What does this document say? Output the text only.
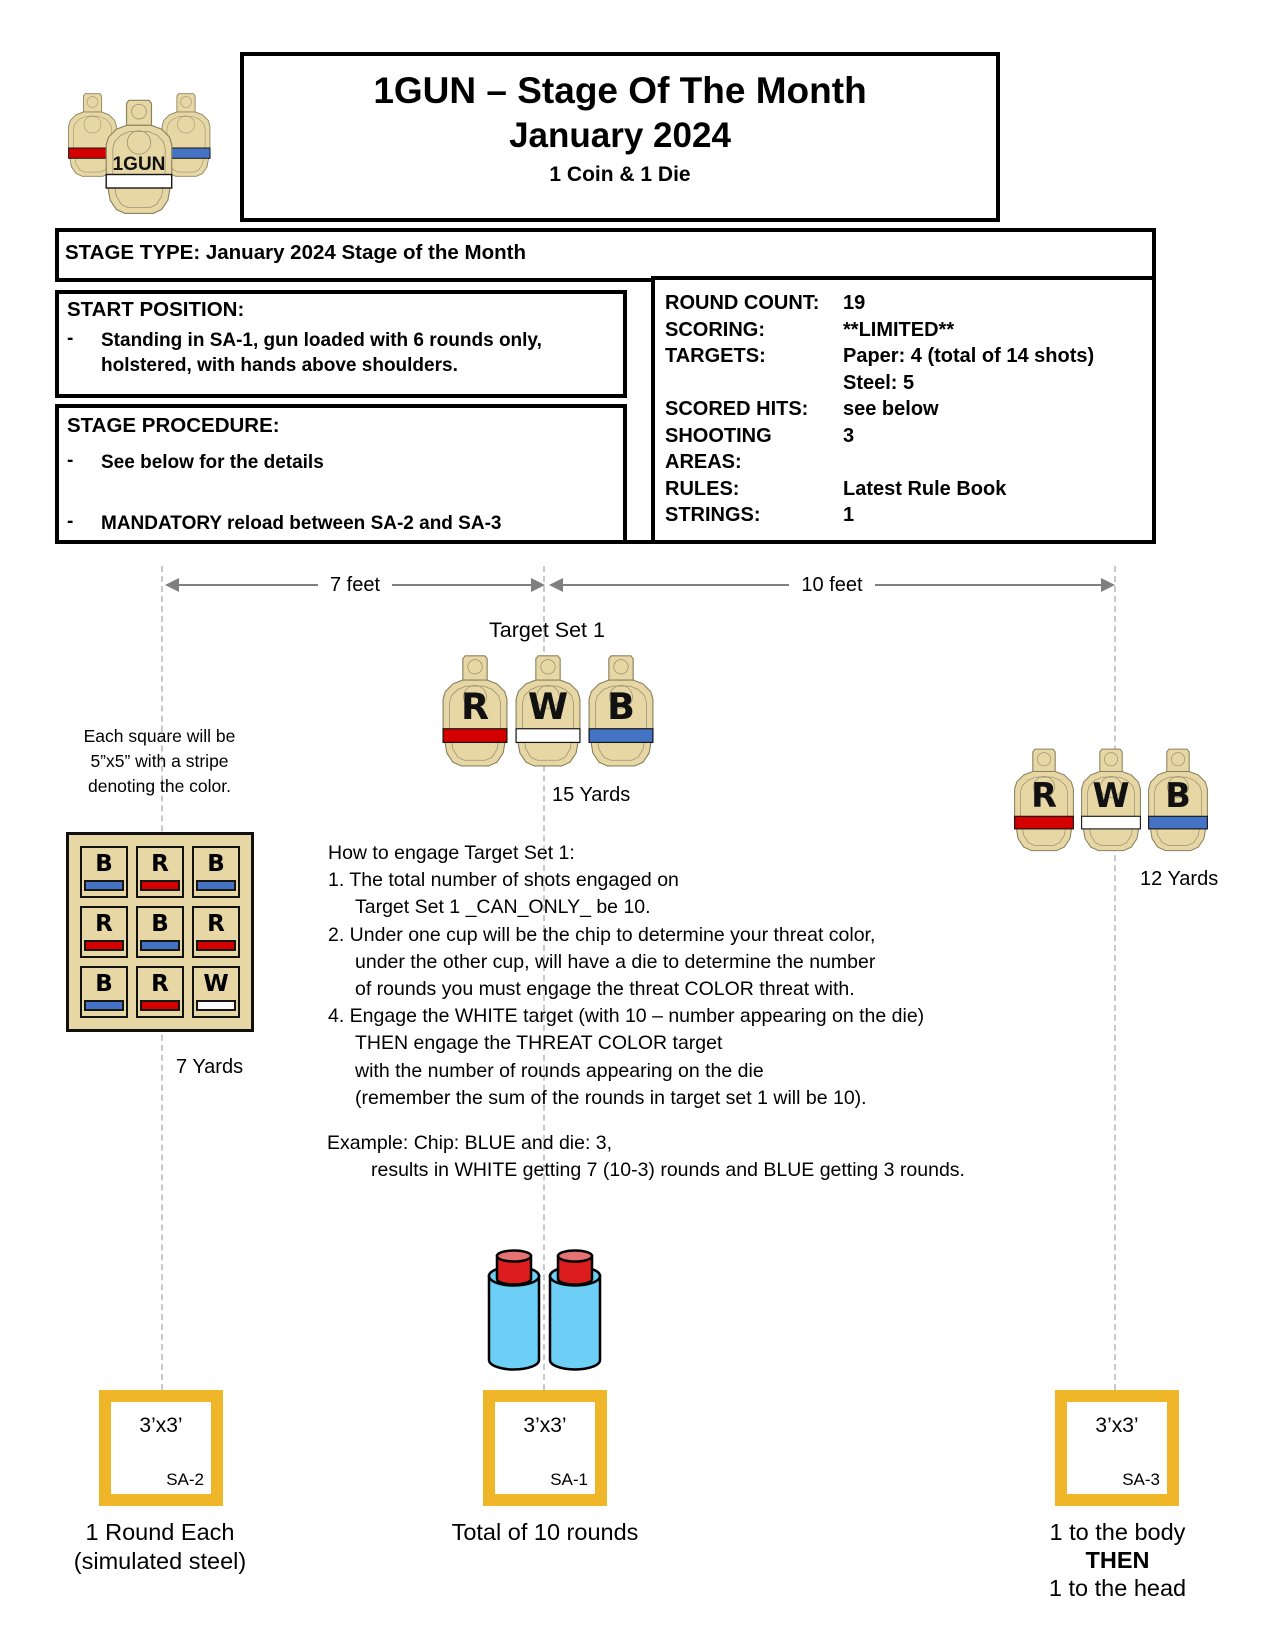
1GUN
1GUN – Stage Of The Month
January 2024
1 Coin & 1 Die
STAGE TYPE: January 2024 Stage of the Month
START POSITION:
-	Standing in SA-1, gun loaded with 6 rounds only,
holstered, with hands above shoulders.
STAGE PROCEDURE:
-	See below for the details
-	MANDATORY reload between SA-2 and SA-3
ROUND COUNT:	19
SCORING:	**LIMITED**
TARGETS:	Paper: 4 (total of 14 shots)
Steel: 5
SCORED HITS:	see below
SHOOTING AREAS:
3
RULES:	Latest Rule Book
STRINGS:	1
7 feet	10 feet
Target Set 1
R W B
15 Yards	R W B
12 Yards
Each square will be
5”x5” with a stripe
denoting the color.
B	R	B
R	B	R
B	R	W
7 Yards
How to engage Target Set 1:
1. The total number of shots engaged on
Target Set 1 _CAN_ONLY_ be 10.
2. Under one cup will be the chip to determine your threat color,
under the other cup, will have a die to determine the number
of rounds you must engage the threat COLOR threat with.
4. Engage the WHITE target (with 10 – number appearing on the die)
THEN engage the THREAT COLOR target
with the number of rounds appearing on the die
(remember the sum of the rounds in target set 1 will be 10).
Example: Chip: BLUE and die: 3,
results in WHITE getting 7 (10-3) rounds and BLUE getting 3 rounds.
3’x3’
SA-2
3’x3’
SA-1
3’x3’
SA-3
1 Round Each
(simulated steel)
Total of 10 rounds	1 to the body
THEN
1 to the head
